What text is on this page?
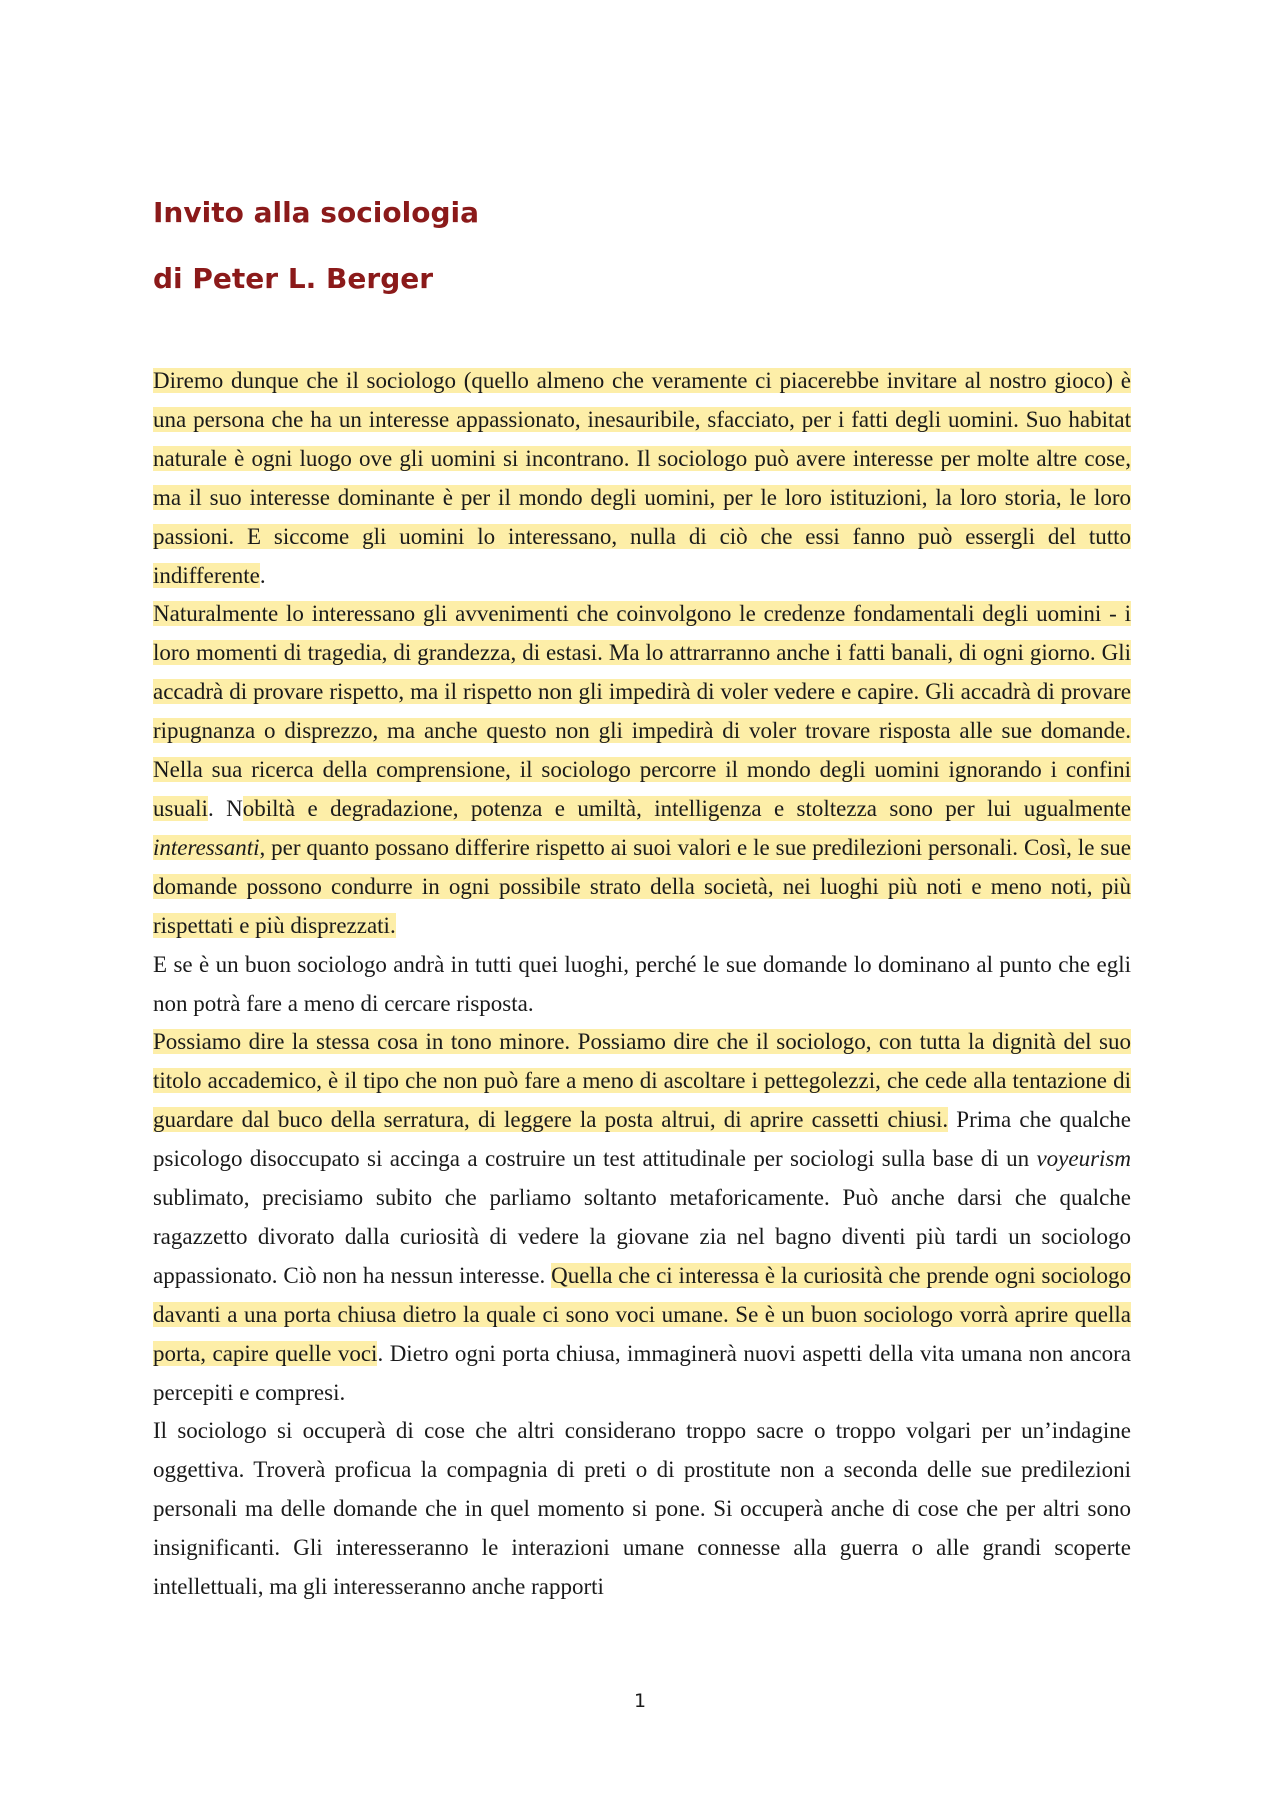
Invito alla sociologia
di Peter L. Berger

Diremo dunque che il sociologo (quello almeno che veramente ci piacerebbe invitare al nostro gioco) è una persona che ha un interesse appassionato, inesauribile, sfacciato, per i fatti degli uomini. Suo habitat naturale è ogni luogo ove gli uomini si incontrano. Il sociologo può avere interesse per molte altre cose, ma il suo interesse dominante è per il mondo degli uomini, per le loro istituzioni, la loro storia, le loro passioni. E siccome gli uomini lo interessano, nulla di ciò che essi fanno può essergli del tutto indifferente.

Naturalmente lo interessano gli avvenimenti che coinvolgono le credenze fondamentali degli uomini - i loro momenti di tragedia, di grandezza, di estasi. Ma lo attrarranno anche i fatti banali, di ogni giorno. Gli accadrà di provare rispetto, ma il rispetto non gli impedirà di voler vedere e capire. Gli accadrà di provare ripugnanza o disprezzo, ma anche questo non gli impedirà di voler trovare risposta alle sue domande. Nella sua ricerca della comprensione, il sociologo percorre il mondo degli uomini ignorando i confini usuali. Nobiltà e degradazione, potenza e umiltà, intelligenza e stoltezza sono per lui ugualmente interessanti, per quanto possano differire rispetto ai suoi valori e le sue predilezioni personali. Così, le sue domande possono condurre in ogni possibile strato della società, nei luoghi più noti e meno noti, più rispettati e più disprezzati.

E se è un buon sociologo andrà in tutti quei luoghi, perché le sue domande lo dominano al punto che egli non potrà fare a meno di cercare risposta.

Possiamo dire la stessa cosa in tono minore. Possiamo dire che il sociologo, con tutta la dignità del suo titolo accademico, è il tipo che non può fare a meno di ascoltare i pettegolezzi, che cede alla tentazione di guardare dal buco della serratura, di leggere la posta altrui, di aprire cassetti chiusi. Prima che qualche psicologo disoccupato si accinga a costruire un test attitudinale per sociologi sulla base di un voyeurism sublimato, precisiamo subito che parliamo soltanto metaforicamente. Può anche darsi che qualche ragazzetto divorato dalla curiosità di vedere la giovane zia nel bagno diventi più tardi un sociologo appassionato. Ciò non ha nessun interesse. Quella che ci interessa è la curiosità che prende ogni sociologo davanti a una porta chiusa dietro la quale ci sono voci umane. Se è un buon sociologo vorrà aprire quella porta, capire quelle voci. Dietro ogni porta chiusa, immaginerà nuovi aspetti della vita umana non ancora percepiti e compresi.

Il sociologo si occuperà di cose che altri considerano troppo sacre o troppo volgari per un’indagine oggettiva. Troverà proficua la compagnia di preti o di prostitute non a seconda delle sue predilezioni personali ma delle domande che in quel momento si pone. Si occuperà anche di cose che per altri sono insignificanti. Gli interesseranno le interazioni umane connesse alla guerra o alle grandi scoperte intellettuali, ma gli interesseranno anche rapporti

1
